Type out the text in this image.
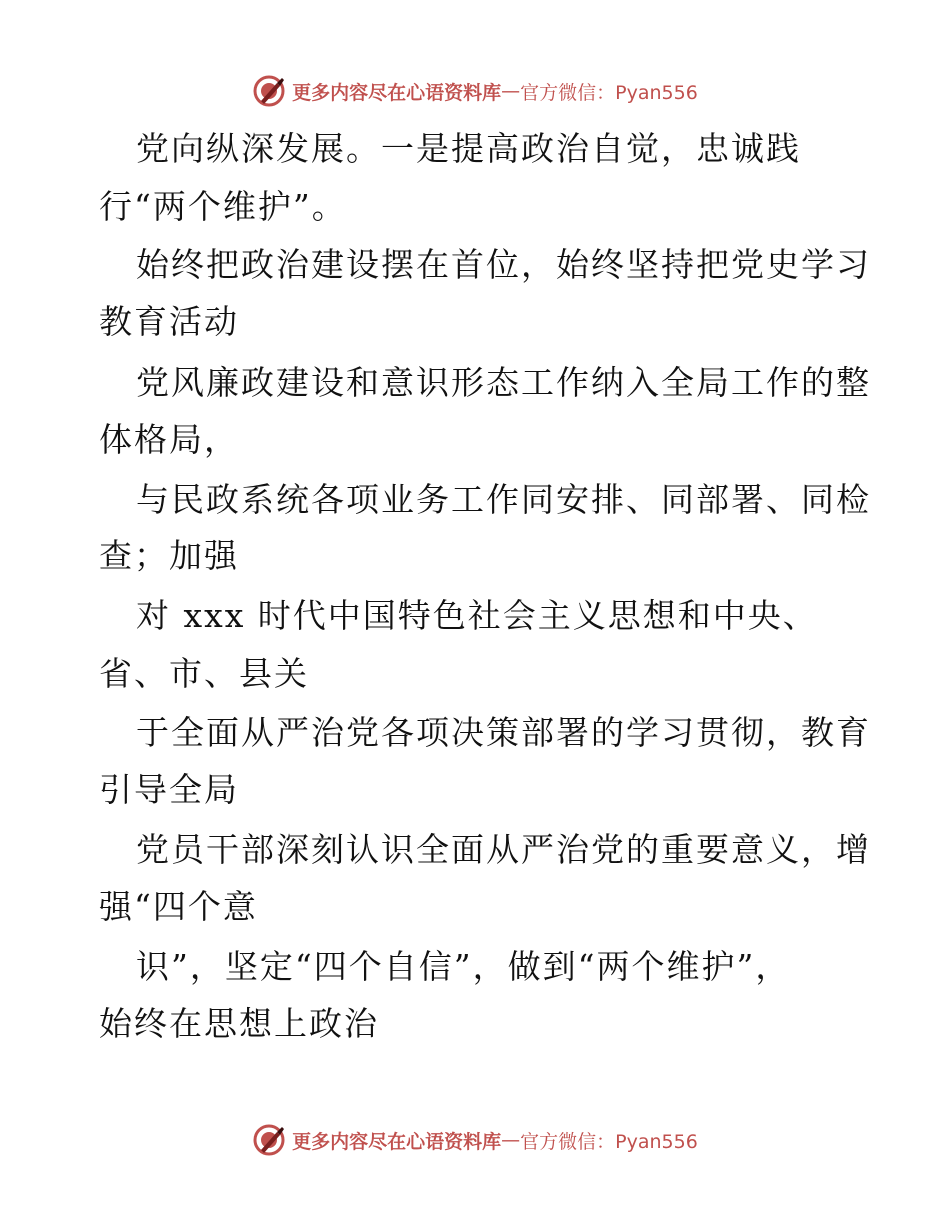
更多内容尽在心语资料库 — 官方微信：Pyan556
党向纵深发展。一是提高政治自觉，忠诚践
行“两个维护”。
始终把政治建设摆在首位，始终坚持把党史学习
教育活动
党风廉政建设和意识形态工作纳入全局工作的整
体格局，
与民政系统各项业务工作同安排、同部署、同检
查；加强
对 xxx 时代中国特色社会主义思想和中央、
省、市、县关
于全面从严治党各项决策部署的学习贯彻，教育
引导全局
党员干部深刻认识全面从严治党的重要意义，增
强“四个意
识”，坚定“四个自信”，做到“两个维护”，
始终在思想上政治
更多内容尽在心语资料库 — 官方微信：Pyan556
